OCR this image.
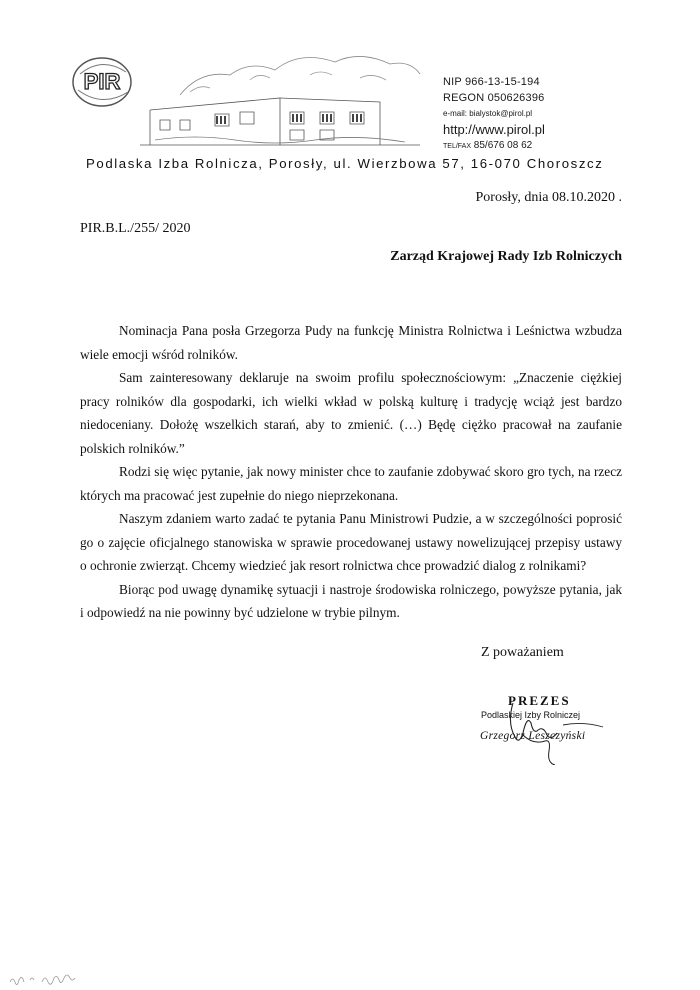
PIR	NIP 966-13-15-194
REGON 050626396
e-mail: bialystok@pirol.pl
http://www.pirol.pl
TEL/FAX 85/676 08 62
Podlaska Izba Rolnicza, Porosły, ul. Wierzbowa 57, 16-070 Choroszcz
Porosły, dnia 08.10.2020 .
PIR.B.L./255/ 2020
Zarząd Krajowej Rady Izb Rolniczych

Nominacja Pana posła Grzegorza Pudy na funkcję Ministra Rolnictwa i Leśnictwa wzbudza wiele emocji wśród rolników.

Sam zainteresowany deklaruje na swoim profilu społecznościowym: „Znaczenie ciężkiej pracy rolników dla gospodarki, ich wielki wkład w polską kulturę i tradycję wciąż jest bardzo niedoceniany. Dołożę wszelkich starań, aby to zmienić. (…) Będę ciężko pracował na zaufanie polskich rolników.”

Rodzi się więc pytanie, jak nowy minister chce to zaufanie zdobywać skoro gro tych, na rzecz których ma pracować jest zupełnie do niego nieprzekonana.

Naszym zdaniem warto zadać te pytania Panu Ministrowi Pudzie, a w szczególności poprosić go o zajęcie oficjalnego stanowiska w sprawie procedowanej ustawy nowelizującej przepisy ustawy o ochronie zwierząt. Chcemy wiedzieć jak resort rolnictwa chce prowadzić dialog z rolnikami?

Biorąc pod uwagę dynamikę sytuacji i nastroje środowiska rolniczego, powyższe pytania, jak i odpowiedź na nie powinny być udzielone w trybie pilnym.

Z poważaniem
PREZES
Podlaskiej Izby Rolniczej
Grzegorz Leszczyński
